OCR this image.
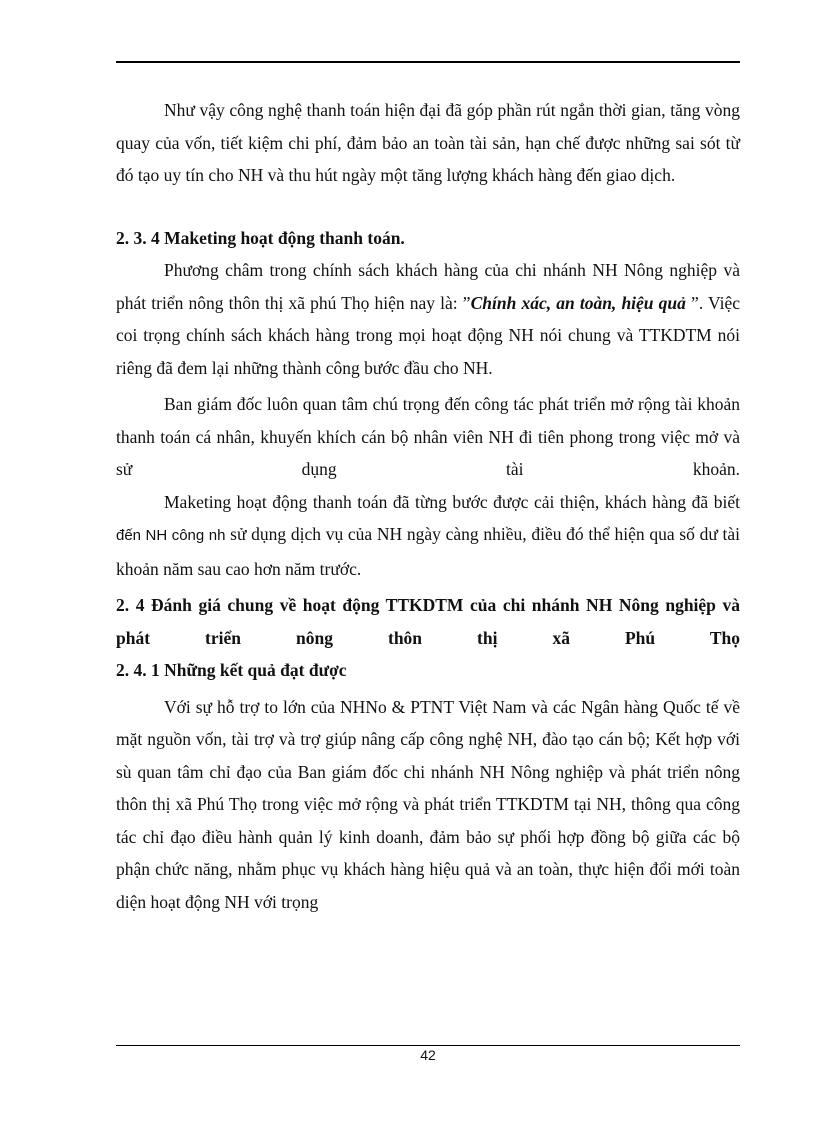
Như vậy công nghệ thanh toán hiện đại đã góp phần rút ngắn thời gian, tăng vòng quay của vốn, tiết kiệm chi phí, đảm bảo an toàn tài sản, hạn chế được những sai sót từ đó tạo uy tín cho NH và thu hút ngày một tăng lượng khách hàng đến giao dịch.

2. 3. 4 Maketing hoạt động thanh toán.

Phương châm trong chính sách khách hàng của chi nhánh NH Nông nghiệp và phát triển nông thôn thị xã phú Thọ hiện nay là: ”Chính xác, an toàn, hiệu quả ”. Việc coi trọng chính sách khách hàng trong mọi hoạt động NH nói chung và TTKDTM nói riêng đã đem lại những thành công bước đầu cho NH.

Ban giám đốc luôn quan tâm chú trọng đến công tác phát triển mở rộng tài khoản thanh toán cá nhân, khuyến khích cán bộ nhân viên NH đi tiên phong trong việc mở và sử dụng tài khoản.

Maketing hoạt động thanh toán đã từng bước được cải thiện, khách hàng đã biết đến NH công nh sử dụng dịch vụ của NH ngày càng nhiều, điều đó thể hiện qua số dư tài khoản năm sau cao hơn năm trước.

2. 4 Đánh giá chung về hoạt động TTKDTM của chi nhánh NH Nông nghiệp và phát triển nông thôn thị xã Phú Thọ

2. 4. 1 Những kết quả đạt được

Với sự hỗ trợ to lớn của NHNo & PTNT Việt Nam và các Ngân hàng Quốc tế về mặt nguồn vốn, tài trợ và trợ giúp nâng cấp công nghệ NH, đào tạo cán bộ; Kết hợp với sù quan tâm chỉ đạo của Ban giám đốc chi nhánh NH Nông nghiệp và phát triển nông thôn thị xã Phú Thọ trong việc mở rộng và phát triển TTKDTM tại NH, thông qua công tác chỉ đạo điều hành quản lý kinh doanh, đảm bảo sự phối hợp đồng bộ giữa các bộ phận chức năng, nhằm phục vụ khách hàng hiệu quả và an toàn, thực hiện đổi mới toàn diện hoạt động NH với trọng

42
